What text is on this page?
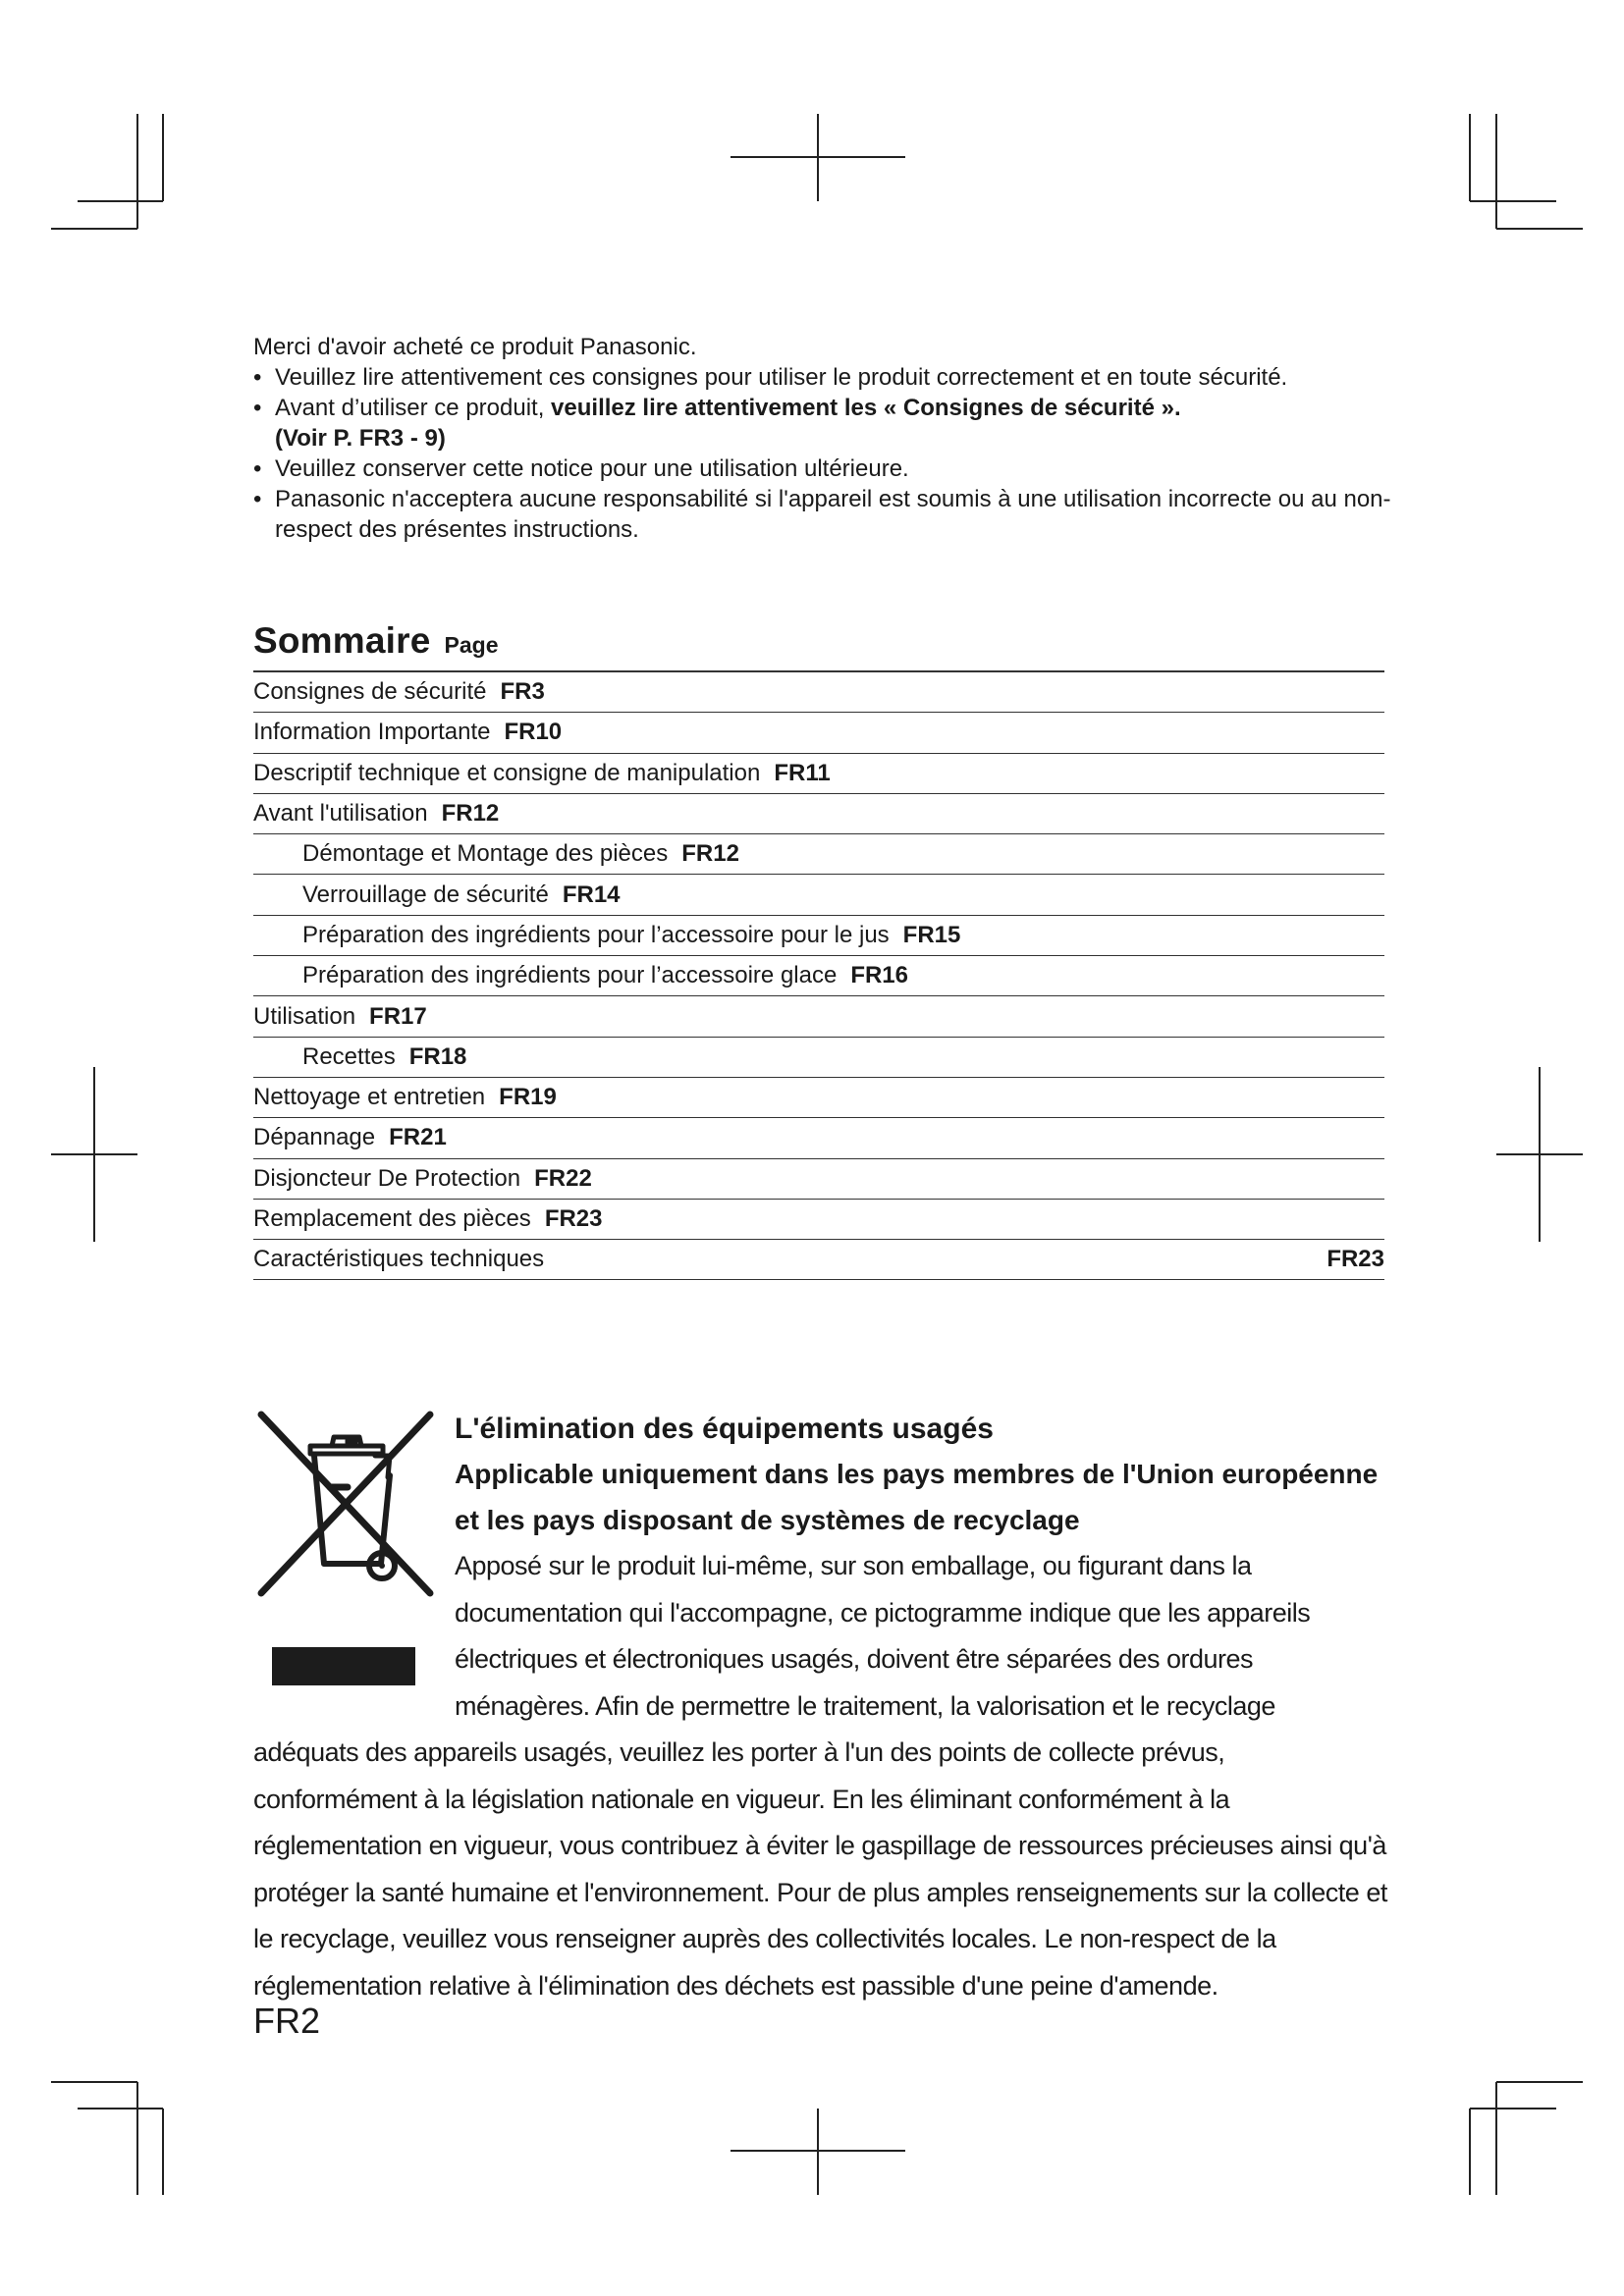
Merci d'avoir acheté ce produit Panasonic.

• Veuillez lire attentivement ces consignes pour utiliser le produit correctement et en toute sécurité.
• Avant d’utiliser ce produit, veuillez lire attentivement les « Consignes de sécurité ».
(Voir P. FR3 - 9)
• Veuillez conserver cette notice pour une utilisation ultérieure.
• Panasonic n'acceptera aucune responsabilité si l'appareil est soumis à une utilisation incorrecte ou au non-respect des présentes instructions.
Sommaire Page
Consignes de sécurité FR3
Information Importante FR10
Descriptif technique et consigne de manipulation FR11
Avant l'utilisation FR12
Démontage et Montage des pièces FR12
Verrouillage de sécurité FR14
Préparation des ingrédients pour l’accessoire pour le jus FR15
Préparation des ingrédients pour l’accessoire glace FR16
Utilisation FR17
Recettes FR18
Nettoyage et entretien FR19
Dépannage FR21
Disjoncteur De Protection FR22
Remplacement des pièces FR23
Caractéristiques techniques	FR23
L'élimination des équipements usagés
Applicable uniquement dans les pays membres de l'Union européenne et les pays disposant de systèmes de recyclage
Apposé sur le produit lui-même, sur son emballage, ou figurant dans la documentation qui l'accompagne, ce pictogramme indique que les appareils électriques et électroniques usagés, doivent être séparées des ordures ménagères. Afin de permettre le traitement, la valorisation et le recyclage adéquats des appareils usagés, veuillez les porter à l'un des points de collecte prévus, conformément à la législation nationale en vigueur. En les éliminant conformément à la réglementation en vigueur, vous contribuez à éviter le gaspillage de ressources précieuses ainsi qu'à protéger la santé humaine et l'environnement. Pour de plus amples renseignements sur la collecte et le recyclage, veuillez vous renseigner auprès des collectivités locales. Le non-respect de la réglementation relative à l'élimination des déchets est passible d'une peine d'amende.
FR2
